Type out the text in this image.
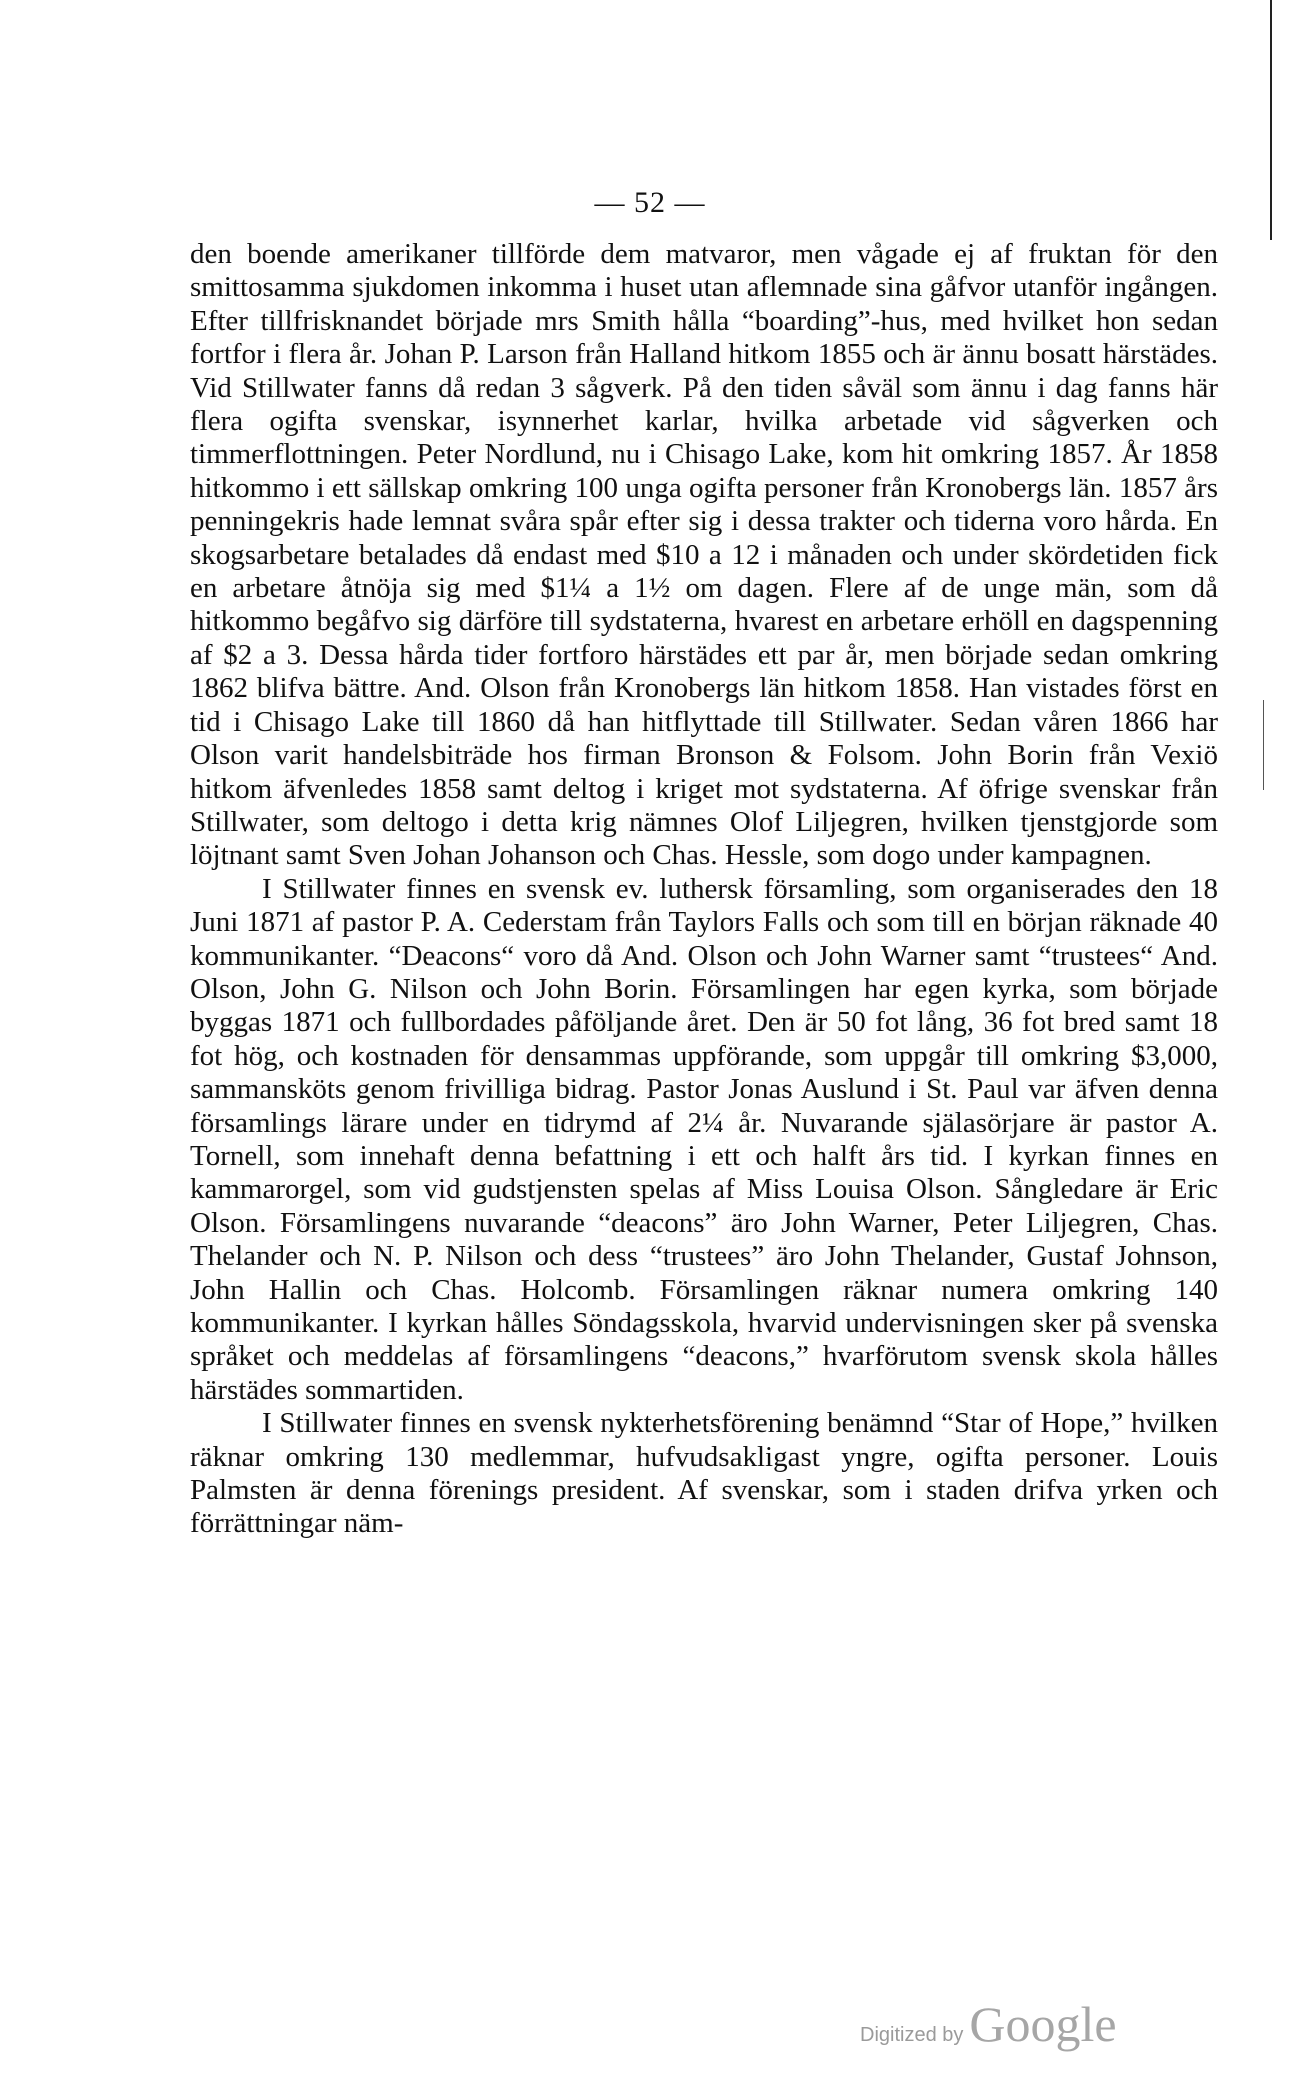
— 52 —

den boende amerikaner tillförde dem matvaror, men vågade ej af fruktan för den smittosamma sjukdomen inkomma i huset utan aflemnade sina gåfvor utanför ingången. Efter tillfrisknandet började mrs Smith hålla “boarding”-hus, med hvilket hon sedan fortfor i flera år. Johan P. Larson från Halland hitkom 1855 och är ännu bosatt härstädes. Vid Stillwater fanns då redan 3 sågverk. På den tiden såväl som ännu i dag fanns här flera ogifta svenskar, isynnerhet karlar, hvilka arbetade vid sågverken och timmerflottningen. Peter Nordlund, nu i Chisago Lake, kom hit omkring 1857. År 1858 hitkommo i ett sällskap omkring 100 unga ogifta personer från Kronobergs län. 1857 års penningekris hade lemnat svåra spår efter sig i dessa trakter och tiderna voro hårda. En skogsarbetare betalades då endast med $10 a 12 i månaden och under skördetiden fick en arbetare åtnöja sig med $1¼ a 1½ om dagen. Flere af de unge män, som då hitkommo begåfvo sig därföre till sydstaterna, hvarest en arbetare erhöll en dagspenning af $2 a 3. Dessa hårda tider fortforo härstädes ett par år, men började sedan omkring 1862 blifva bättre. And. Olson från Kronobergs län hitkom 1858. Han vistades först en tid i Chisago Lake till 1860 då han hitflyttade till Stillwater. Sedan våren 1866 har Olson varit handelsbiträde hos firman Bronson & Folsom. John Borin från Vexiö hitkom äfvenledes 1858 samt deltog i kriget mot sydstaterna. Af öfrige svenskar från Stillwater, som deltogo i detta krig nämnes Olof Liljegren, hvilken tjenstgjorde som löjtnant samt Sven Johan Johanson och Chas. Hessle, som dogo under kampagnen.

I Stillwater finnes en svensk ev. luthersk församling, som organiserades den 18 Juni 1871 af pastor P. A. Cederstam från Taylors Falls och som till en början räknade 40 kommunikanter. “Deacons“ voro då And. Olson och John Warner samt “trustees“ And. Olson, John G. Nilson och John Borin. Församlingen har egen kyrka, som började byggas 1871 och fullbordades påföljande året. Den är 50 fot lång, 36 fot bred samt 18 fot hög, och kostnaden för densammas uppförande, som uppgår till omkring $3,000, sammansköts genom frivilliga bidrag. Pastor Jonas Auslund i St. Paul var äfven denna församlings lärare under en tidrymd af 2¼ år. Nuvarande själasörjare är pastor A. Tornell, som innehaft denna befattning i ett och halft års tid. I kyrkan finnes en kammarorgel, som vid gudstjensten spelas af Miss Louisa Olson. Sångledare är Eric Olson. Församlingens nuvarande “deacons” äro John Warner, Peter Liljegren, Chas. Thelander och N. P. Nilson och dess “trustees” äro John Thelander, Gustaf Johnson, John Hallin och Chas. Holcomb. Församlingen räknar numera omkring 140 kommunikanter. I kyrkan hålles Söndagsskola, hvarvid undervisningen sker på svenska språket och meddelas af församlingens “deacons,” hvarförutom svensk skola hålles härstädes sommartiden.

I Stillwater finnes en svensk nykterhetsförening benämnd “Star of Hope,” hvilken räknar omkring 130 medlemmar, hufvudsakligast yngre, ogifta personer. Louis Palmsten är denna förenings president. Af svenskar, som i staden drifva yrken och förrättningar näm-

Digitized by Google
